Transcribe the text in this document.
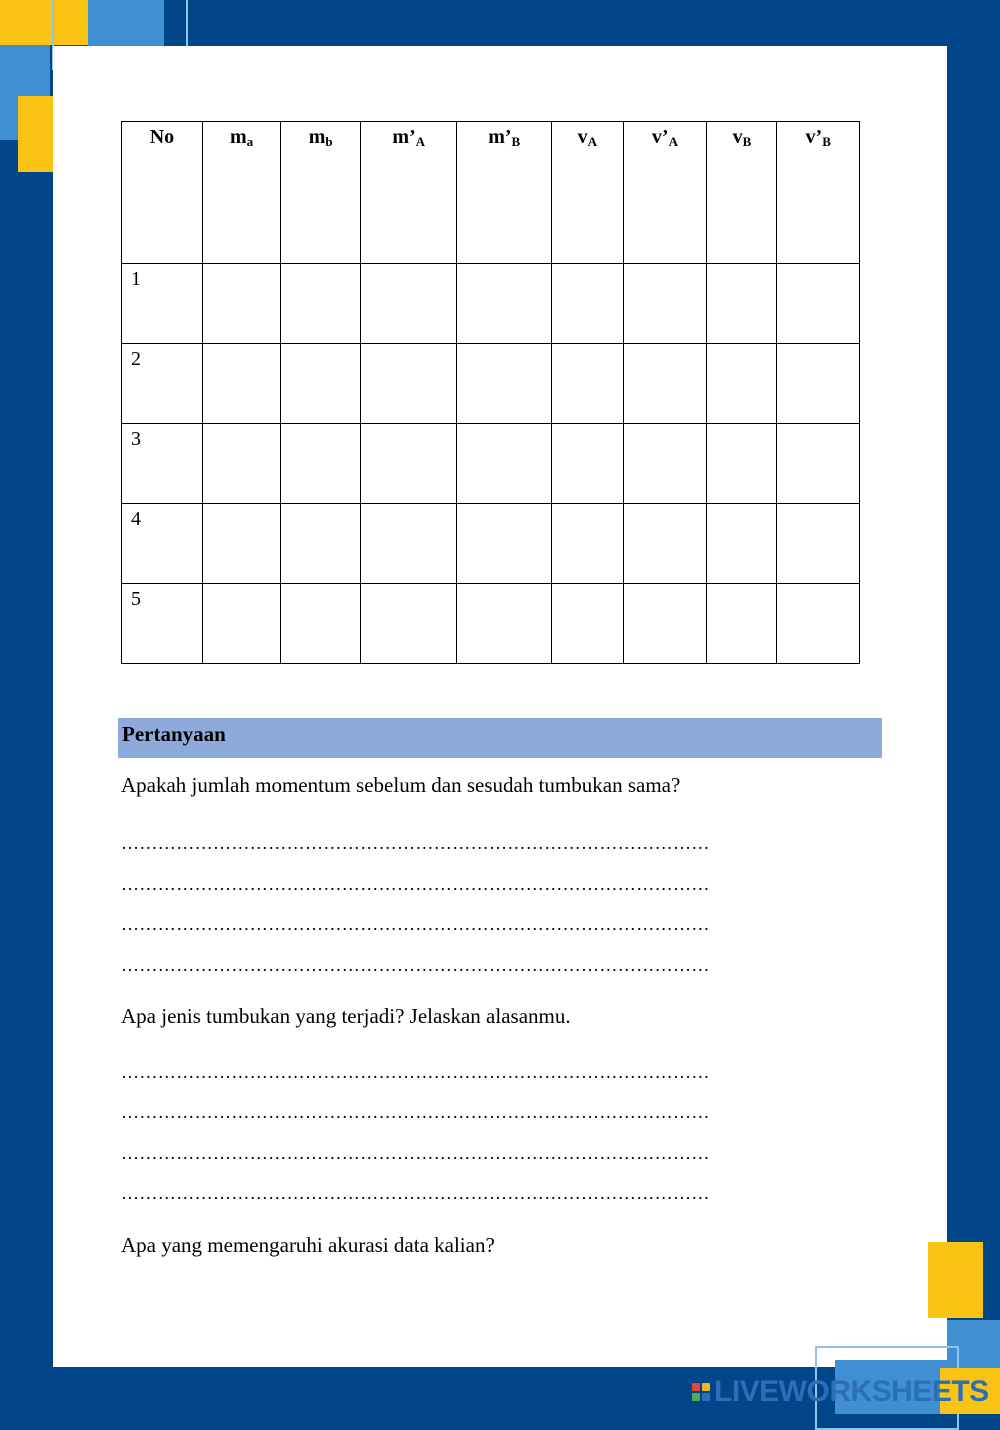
No	$m_a$	$m_b$	$m’_A$	$m’_B$	$v_A$	$v’_A$	$v_B$	$v’_B$
1								
2								
3								
4								
5								
Pertanyaan
Apakah jumlah momentum sebelum dan sesudah tumbukan sama?
……………………………………………………………………………………
……………………………………………………………………………………
……………………………………………………………………………………
……………………………………………………………………………………
Apa jenis tumbukan yang terjadi? Jelaskan alasanmu.
……………………………………………………………………………………
……………………………………………………………………………………
……………………………………………………………………………………
……………………………………………………………………………………
Apa yang memengaruhi akurasi data kalian?
LIVEWORKSHEETS
